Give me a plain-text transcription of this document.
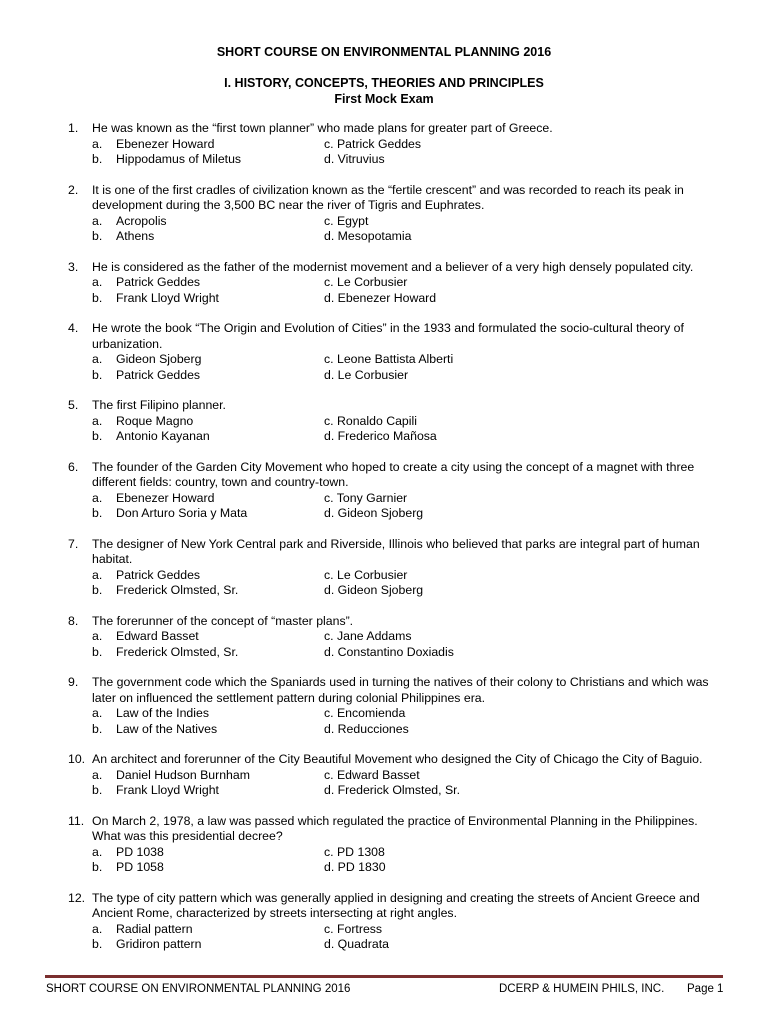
SHORT COURSE ON ENVIRONMENTAL PLANNING 2016
I. HISTORY, CONCEPTS, THEORIES AND PRINCIPLES
First Mock Exam
1. He was known as the “first town planner” who made plans for greater part of Greece.
a. Ebenezer Howard	c. Patrick Geddes
b. Hippodamus of Miletus	d. Vitruvius
2. It is one of the first cradles of civilization known as the “fertile crescent” and was recorded to reach its peak in development during the 3,500 BC near the river of Tigris and Euphrates.
a. Acropolis	c. Egypt
b. Athens	d. Mesopotamia
3. He is considered as the father of the modernist movement and a believer of a very high densely populated city.
a. Patrick Geddes	c. Le Corbusier
b. Frank Lloyd Wright	d. Ebenezer Howard
4. He wrote the book “The Origin and Evolution of Cities” in the 1933 and formulated the socio-cultural theory of urbanization.
a. Gideon Sjoberg	c. Leone Battista Alberti
b. Patrick Geddes	d. Le Corbusier
5. The first Filipino planner.
a. Roque Magno	c. Ronaldo Capili
b. Antonio Kayanan	d. Frederico Mañosa
6. The founder of the Garden City Movement who hoped to create a city using the concept of a magnet with three different fields: country, town and country-town.
a. Ebenezer Howard	c. Tony Garnier
b. Don Arturo Soria y Mata	d. Gideon Sjoberg
7. The designer of New York Central park and Riverside, Illinois who believed that parks are integral part of human habitat.
a. Patrick Geddes	c. Le Corbusier
b. Frederick Olmsted, Sr.	d. Gideon Sjoberg
8. The forerunner of the concept of “master plans”.
a. Edward Basset	c. Jane Addams
b. Frederick Olmsted, Sr.	d. Constantino Doxiadis
9. The government code which the Spaniards used in turning the natives of their colony to Christians and which was later on influenced the settlement pattern during colonial Philippines era.
a. Law of the Indies	c. Encomienda
b. Law of the Natives	d. Reducciones
10. An architect and forerunner of the City Beautiful Movement who designed the City of Chicago the City of Baguio.
a. Daniel Hudson Burnham	c. Edward Basset
b. Frank Lloyd Wright	d. Frederick Olmsted, Sr.
11. On March 2, 1978, a law was passed which regulated the practice of Environmental Planning in the Philippines. What was this presidential decree?
a. PD 1038	c. PD 1308
b. PD 1058	d. PD 1830
12. The type of city pattern which was generally applied in designing and creating the streets of Ancient Greece and Ancient Rome, characterized by streets intersecting at right angles.
a. Radial pattern	c. Fortress
b. Gridiron pattern	d. Quadrata
SHORT COURSE ON ENVIRONMENTAL PLANNING 2016	DCERP & HUMEIN PHILS, INC. Page 1
